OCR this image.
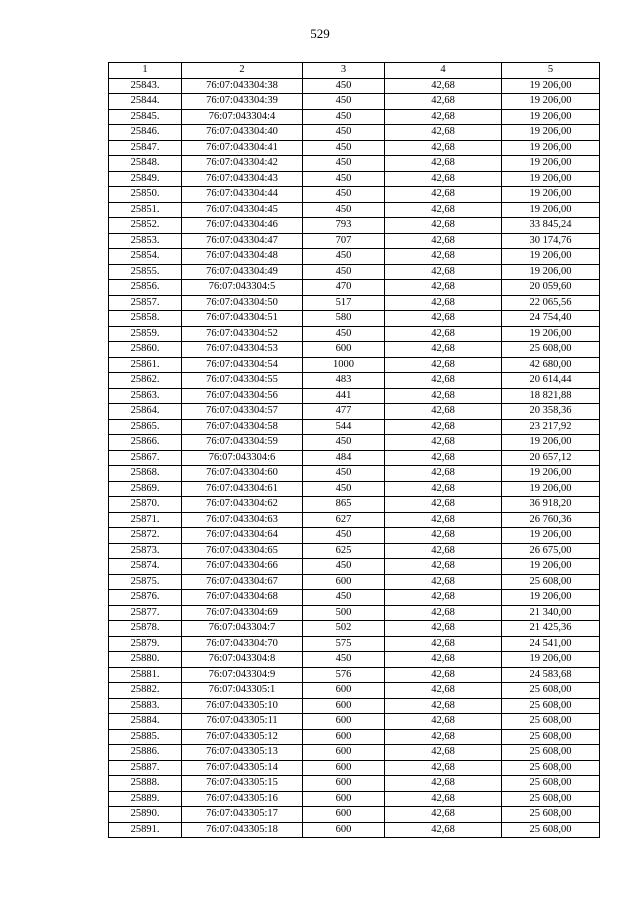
529
1	2	3	4	5
25843.	76:07:043304:38	450	42,68	19 206,00
25844.	76:07:043304:39	450	42,68	19 206,00
25845.	76:07:043304:4	450	42,68	19 206,00
25846.	76:07:043304:40	450	42,68	19 206,00
25847.	76:07:043304:41	450	42,68	19 206,00
25848.	76:07:043304:42	450	42,68	19 206,00
25849.	76:07:043304:43	450	42,68	19 206,00
25850.	76:07:043304:44	450	42,68	19 206,00
25851.	76:07:043304:45	450	42,68	19 206,00
25852.	76:07:043304:46	793	42,68	33 845,24
25853.	76:07:043304:47	707	42,68	30 174,76
25854.	76:07:043304:48	450	42,68	19 206,00
25855.	76:07:043304:49	450	42,68	19 206,00
25856.	76:07:043304:5	470	42,68	20 059,60
25857.	76:07:043304:50	517	42,68	22 065,56
25858.	76:07:043304:51	580	42,68	24 754,40
25859.	76:07:043304:52	450	42,68	19 206,00
25860.	76:07:043304:53	600	42,68	25 608,00
25861.	76:07:043304:54	1000	42,68	42 680,00
25862.	76:07:043304:55	483	42,68	20 614,44
25863.	76:07:043304:56	441	42,68	18 821,88
25864.	76:07:043304:57	477	42,68	20 358,36
25865.	76:07:043304:58	544	42,68	23 217,92
25866.	76:07:043304:59	450	42,68	19 206,00
25867.	76:07:043304:6	484	42,68	20 657,12
25868.	76:07:043304:60	450	42,68	19 206,00
25869.	76:07:043304:61	450	42,68	19 206,00
25870.	76:07:043304:62	865	42,68	36 918,20
25871.	76:07:043304:63	627	42,68	26 760,36
25872.	76:07:043304:64	450	42,68	19 206,00
25873.	76:07:043304:65	625	42,68	26 675,00
25874.	76:07:043304:66	450	42,68	19 206,00
25875.	76:07:043304:67	600	42,68	25 608,00
25876.	76:07:043304:68	450	42,68	19 206,00
25877.	76:07:043304:69	500	42,68	21 340,00
25878.	76:07:043304:7	502	42,68	21 425,36
25879.	76:07:043304:70	575	42,68	24 541,00
25880.	76:07:043304:8	450	42,68	19 206,00
25881.	76:07:043304:9	576	42,68	24 583,68
25882.	76:07:043305:1	600	42,68	25 608,00
25883.	76:07:043305:10	600	42,68	25 608,00
25884.	76:07:043305:11	600	42,68	25 608,00
25885.	76:07:043305:12	600	42,68	25 608,00
25886.	76:07:043305:13	600	42,68	25 608,00
25887.	76:07:043305:14	600	42,68	25 608,00
25888.	76:07:043305:15	600	42,68	25 608,00
25889.	76:07:043305:16	600	42,68	25 608,00
25890.	76:07:043305:17	600	42,68	25 608,00
25891.	76:07:043305:18	600	42,68	25 608,00
